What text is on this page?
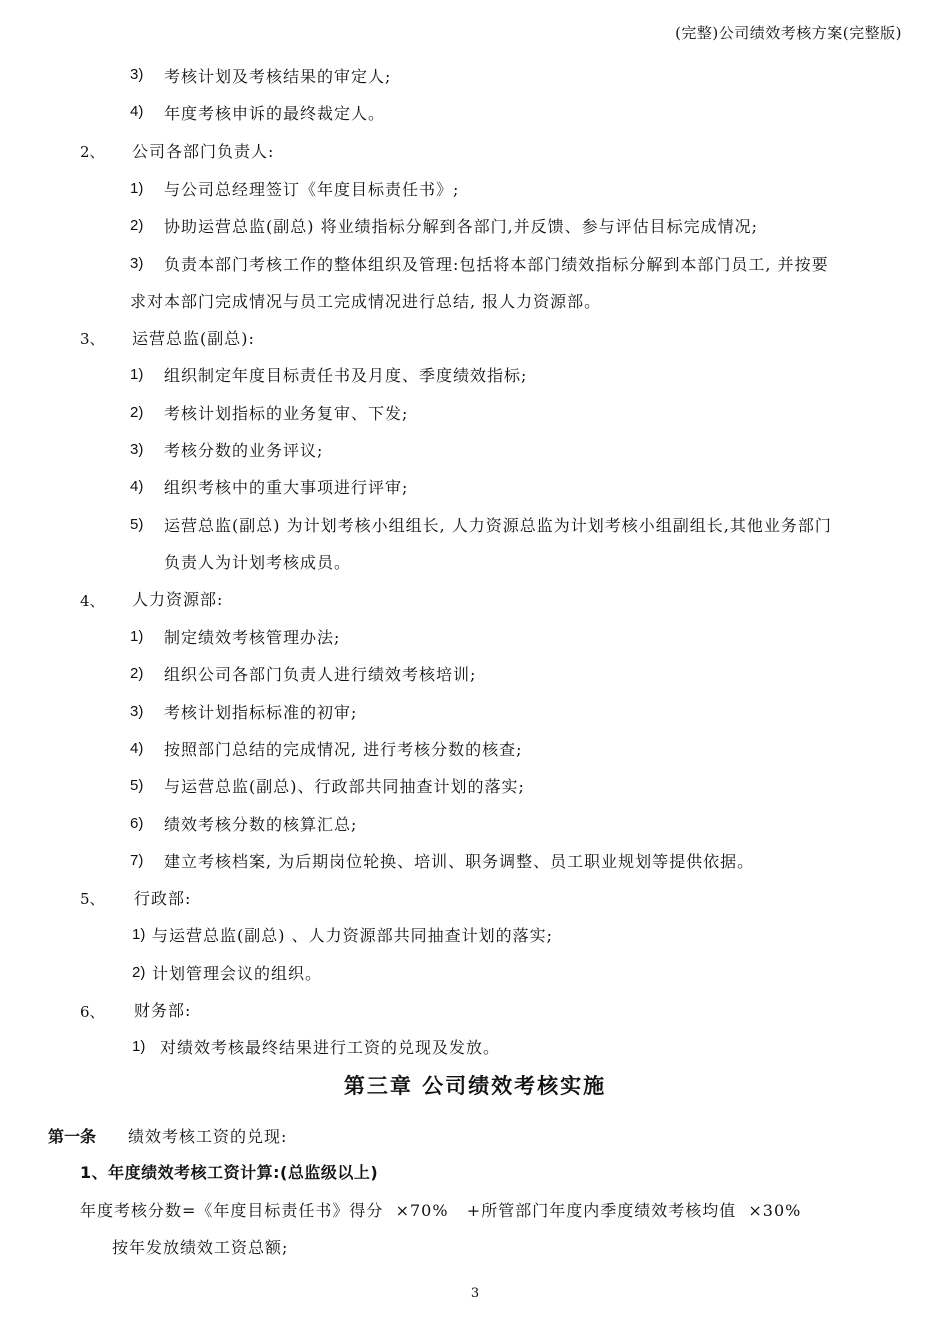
(完整)公司绩效考核方案(完整版)
3) 考核计划及考核结果的审定人;
4) 年度考核申诉的最终裁定人。
2、 公司各部门负责人:
1) 与公司总经理签订《年度目标责任书》;
2) 协助运营总监(副总) 将业绩指标分解到各部门,并反馈、参与评估目标完成情况;
3) 负责本部门考核工作的整体组织及管理:包括将本部门绩效指标分解到本部门员工, 并按要
求对本部门完成情况与员工完成情况进行总结, 报人力资源部。
3、 运营总监(副总):
1) 组织制定年度目标责任书及月度、季度绩效指标;
2) 考核计划指标的业务复审、下发;
3) 考核分数的业务评议;
4) 组织考核中的重大事项进行评审;
5) 运营总监(副总) 为计划考核小组组长, 人力资源总监为计划考核小组副组长,其他业务部门
负责人为计划考核成员。
4、 人力资源部:
1) 制定绩效考核管理办法;
2) 组织公司各部门负责人进行绩效考核培训;
3) 考核计划指标标准的初审;
4) 按照部门总结的完成情况, 进行考核分数的核查;
5) 与运营总监(副总)、行政部共同抽查计划的落实;
6) 绩效考核分数的核算汇总;
7) 建立考核档案, 为后期岗位轮换、培训、职务调整、员工职业规划等提供依据。
5、 行政部:
1) 与运营总监(副总) 、人力资源部共同抽查计划的落实;
2) 计划管理会议的组织。
6、 财务部:
1) 对绩效考核最终结果进行工资的兑现及发放。
第三章 公司绩效考核实施
第一条 绩效考核工资的兑现:
1、年度绩效考核工资计算:(总监级以上)
年度考核分数=《年度目标责任书》得分  ×70%   +所管部门年度内季度绩效考核均值  ×30%
按年发放绩效工资总额;
3
